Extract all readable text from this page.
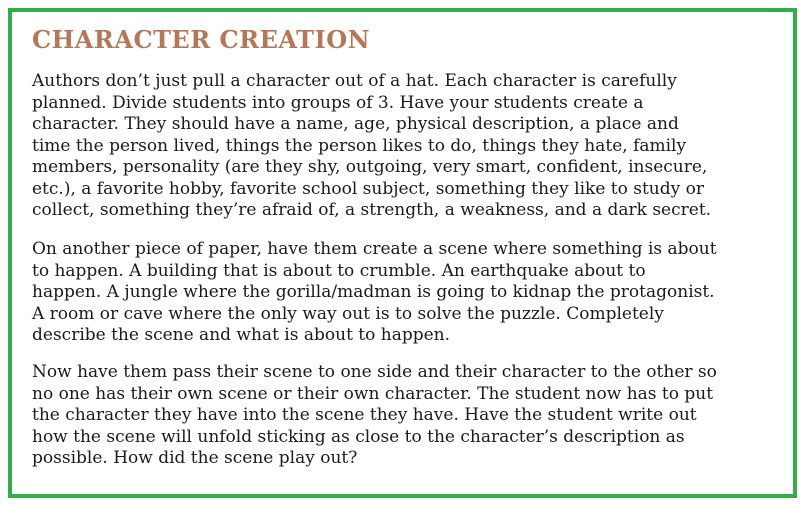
CHARACTER CREATION

Authors don’t just pull a character out of a hat. Each character is carefully
planned. Divide students into groups of 3. Have your students create a
character. They should have a name, age, physical description, a place and
time the person lived, things the person likes to do, things they hate, family
members, personality (are they shy, outgoing, very smart, confident, insecure,
etc.), a favorite hobby, favorite school subject, something they like to study or
collect, something they’re afraid of, a strength, a weakness, and a dark secret.

On another piece of paper, have them create a scene where something is about
to happen. A building that is about to crumble. An earthquake about to
happen. A jungle where the gorilla/madman is going to kidnap the protagonist.
A room or cave where the only way out is to solve the puzzle. Completely
describe the scene and what is about to happen.

Now have them pass their scene to one side and their character to the other so
no one has their own scene or their own character. The student now has to put
the character they have into the scene they have. Have the student write out
how the scene will unfold sticking as close to the character’s description as
possible. How did the scene play out?
